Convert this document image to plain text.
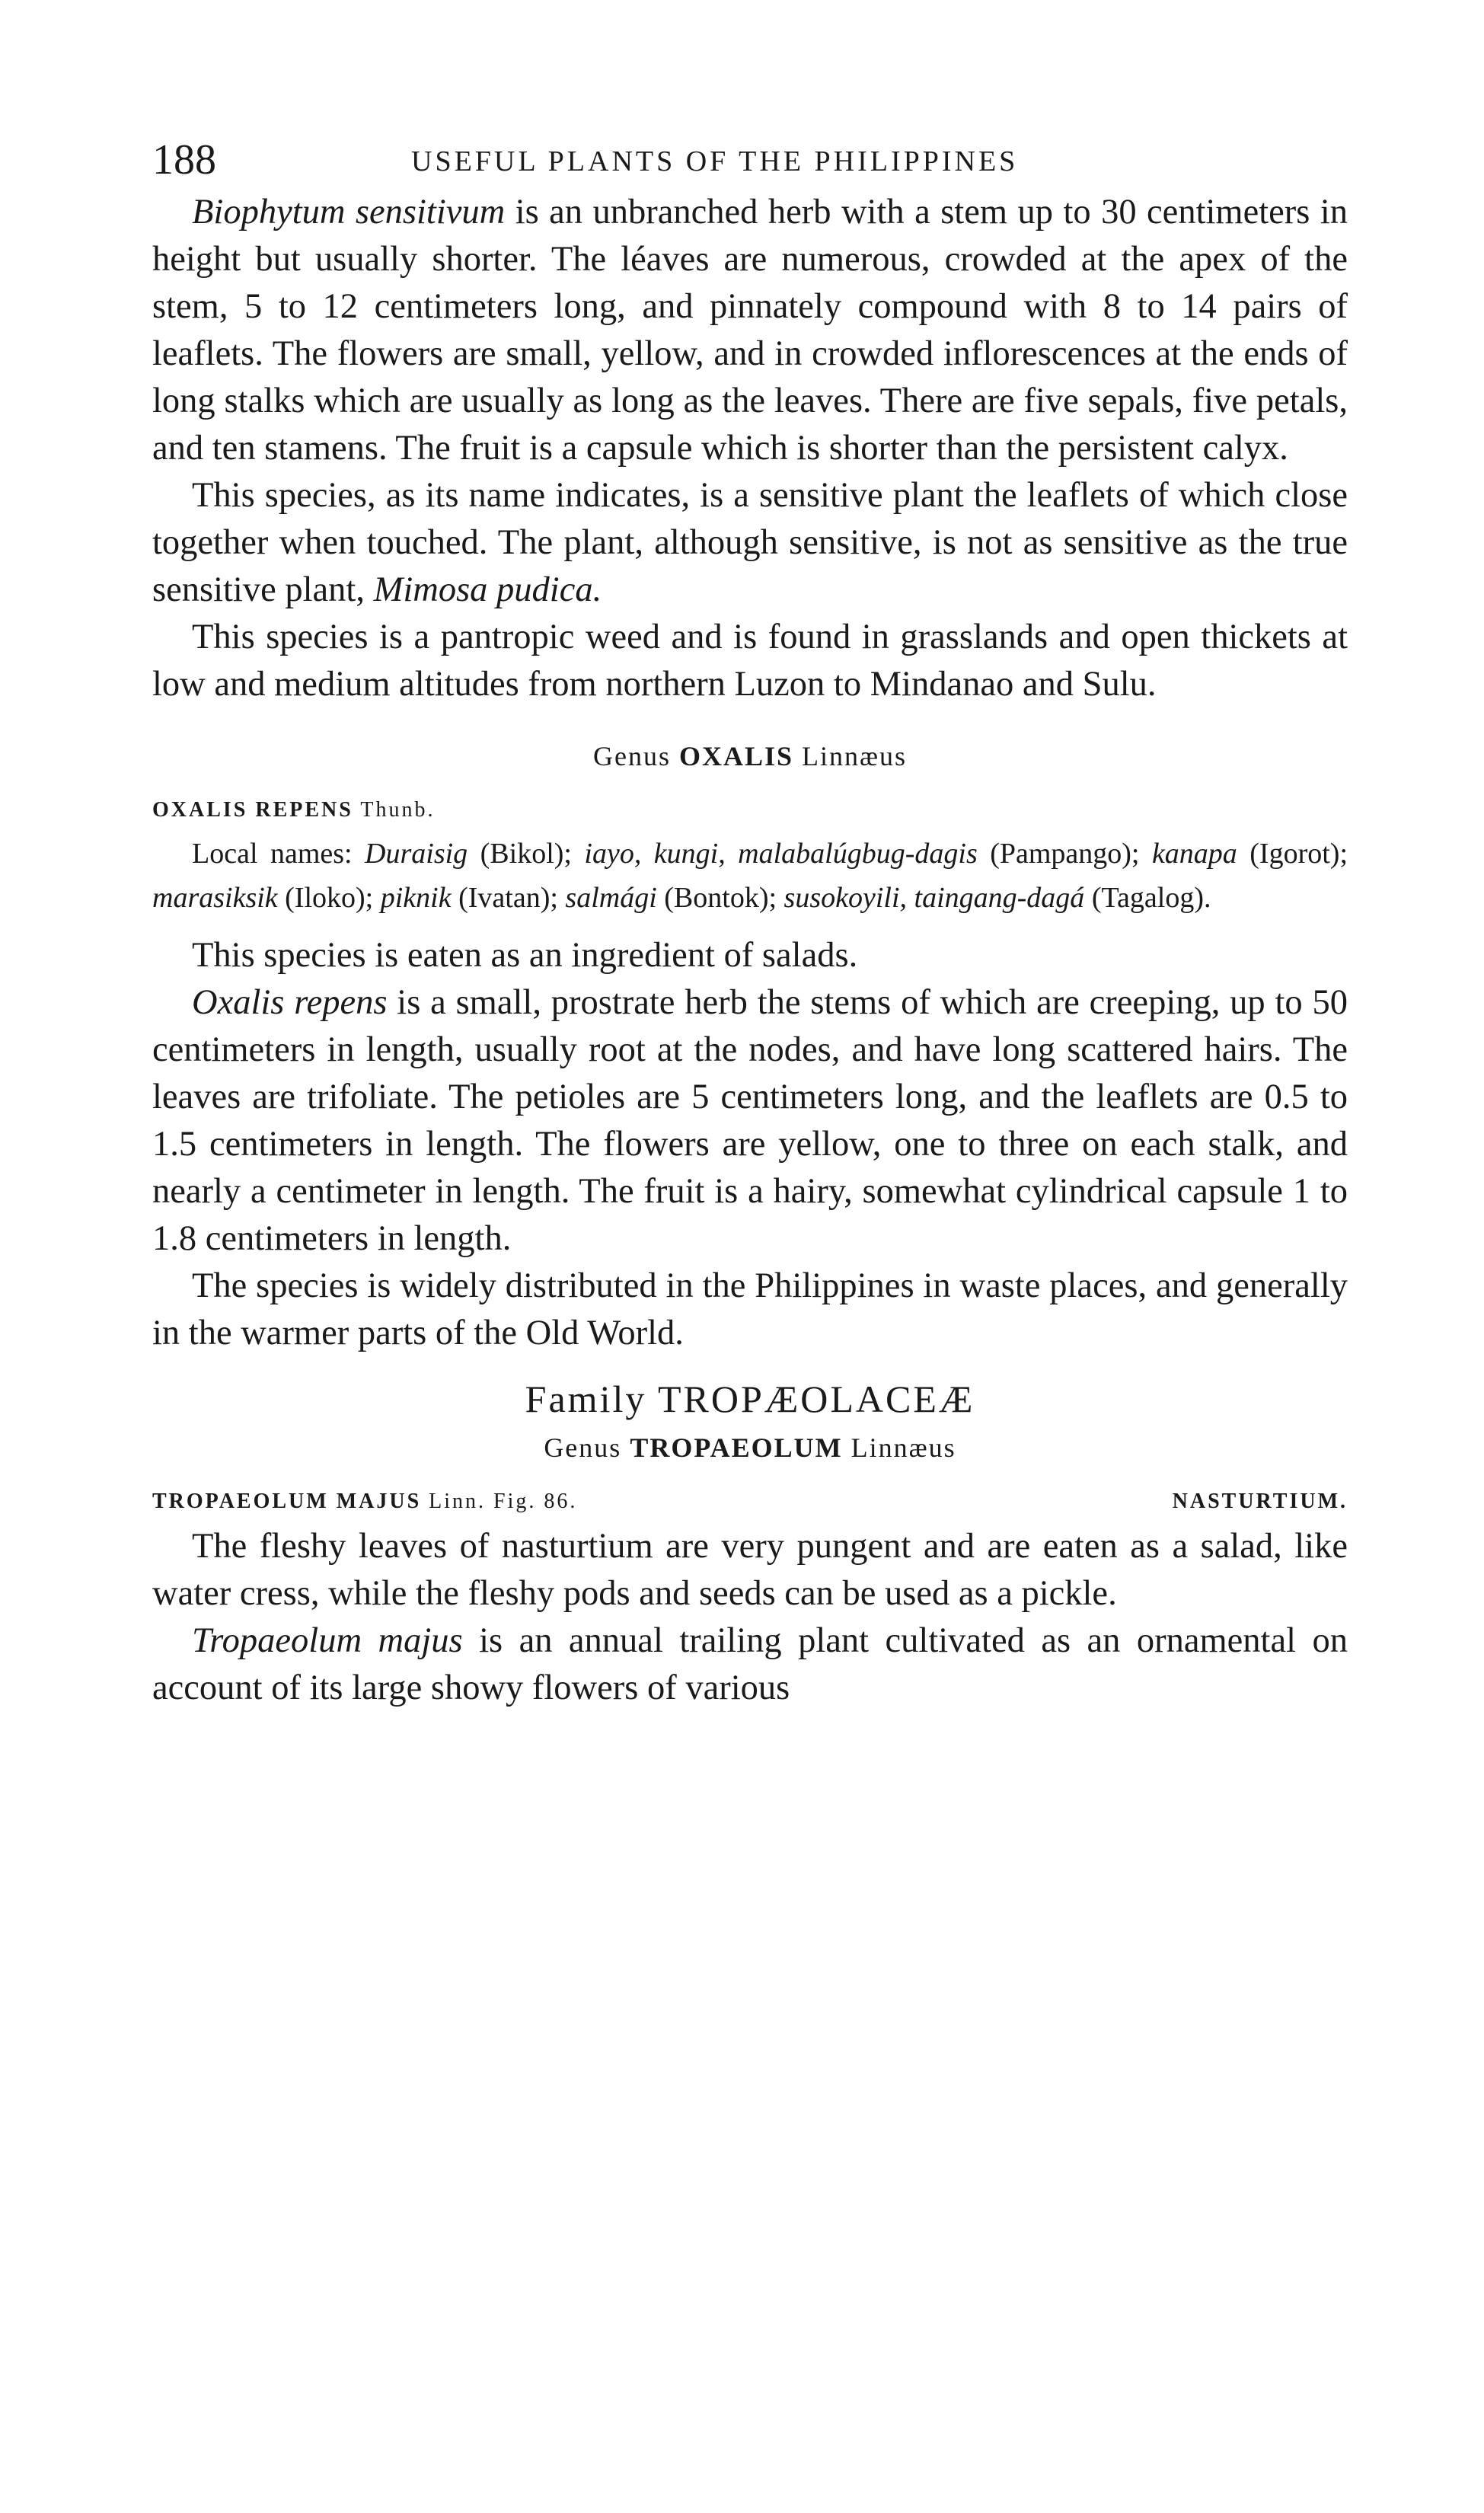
188	USEFUL PLANTS OF THE PHILIPPINES

Biophytum sensitivum is an unbranched herb with a stem up to 30 centimeters in height but usually shorter. The léaves are numerous, crowded at the apex of the stem, 5 to 12 centimeters long, and pinnately compound with 8 to 14 pairs of leaflets. The flowers are small, yellow, and in crowded inflorescences at the ends of long stalks which are usually as long as the leaves. There are five sepals, five petals, and ten stamens. The fruit is a capsule which is shorter than the persistent calyx.

This species, as its name indicates, is a sensitive plant the leaflets of which close together when touched. The plant, although sensitive, is not as sensitive as the true sensitive plant, Mimosa pudica.

This species is a pantropic weed and is found in grasslands and open thickets at low and medium altitudes from northern Luzon to Mindanao and Sulu.

Genus OXALIS Linnæus
OXALIS REPENS Thunb.

Local names: Duraisig (Bikol); iayo, kungi, malabalúgbug-dagis (Pampango); kanapa (Igorot); marasiksik (Iloko); piknik (Ivatan); salmági (Bontok); susokoyili, taingang-dagá (Tagalog).

This species is eaten as an ingredient of salads.

Oxalis repens is a small, prostrate herb the stems of which are creeping, up to 50 centimeters in length, usually root at the nodes, and have long scattered hairs. The leaves are trifoliate. The petioles are 5 centimeters long, and the leaflets are 0.5 to 1.5 centimeters in length. The flowers are yellow, one to three on each stalk, and nearly a centimeter in length. The fruit is a hairy, somewhat cylindrical capsule 1 to 1.8 centimeters in length.

The species is widely distributed in the Philippines in waste places, and generally in the warmer parts of the Old World.

Family TROPÆOLACEÆ
Genus TROPAEOLUM Linnæus
TROPAEOLUM MAJUS Linn. Fig. 86.	NASTURTIUM.

The fleshy leaves of nasturtium are very pungent and are eaten as a salad, like water cress, while the fleshy pods and seeds can be used as a pickle.

Tropaeolum majus is an annual trailing plant cultivated as an ornamental on account of its large showy flowers of various
